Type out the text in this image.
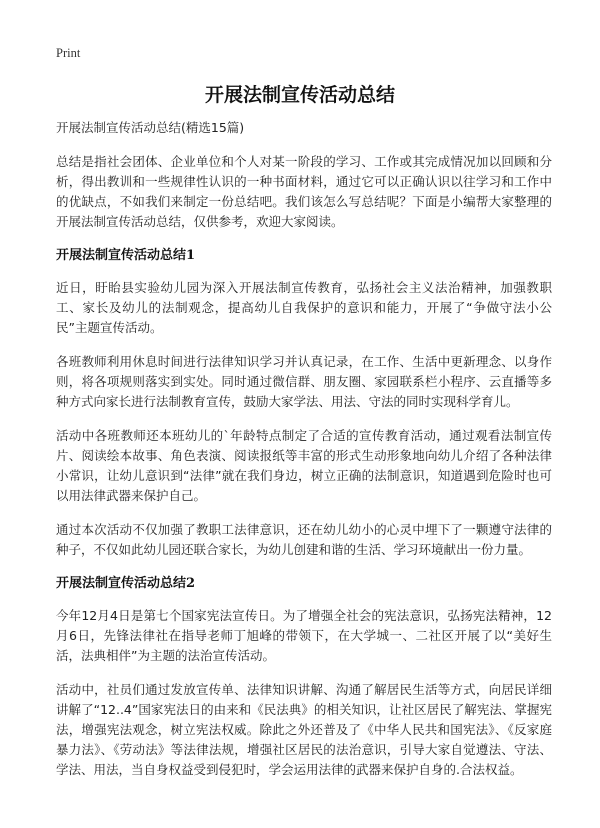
Print
开展法制宣传活动总结

开展法制宣传活动总结(精选15篇)

总结是指社会团体、企业单位和个人对某一阶段的学习、工作或其完成情况加以回顾和分析，得出教训和一些规律性认识的一种书面材料，通过它可以正确认识以往学习和工作中的优缺点，不如我们来制定一份总结吧。我们该怎么写总结呢？下面是小编帮大家整理的开展法制宣传活动总结，仅供参考，欢迎大家阅读。

开展法制宣传活动总结1

近日，盱眙县实验幼儿园为深入开展法制宣传教育，弘扬社会主义法治精神，加强教职工、家长及幼儿的法制观念，提高幼儿自我保护的意识和能力，开展了“争做守法小公民”主题宣传活动。

各班教师利用休息时间进行法律知识学习并认真记录，在工作、生活中更新理念、以身作则，将各项规则落实到实处。同时通过微信群、朋友圈、家园联系栏小程序、云直播等多种方式向家长进行法制教育宣传，鼓励大家学法、用法、守法的同时实现科学育儿。

活动中各班教师还本班幼儿的`年龄特点制定了合适的宣传教育活动，通过观看法制宣传片、阅读绘本故事、角色表演、阅读报纸等丰富的形式生动形象地向幼儿介绍了各种法律小常识，让幼儿意识到“法律”就在我们身边，树立正确的法制意识，知道遇到危险时也可以用法律武器来保护自己。

通过本次活动不仅加强了教职工法律意识，还在幼儿幼小的心灵中埋下了一颗遵守法律的种子，不仅如此幼儿园还联合家长，为幼儿创建和谐的生活、学习环境献出一份力量。

开展法制宣传活动总结2

今年12月4日是第七个国家宪法宣传日。为了增强全社会的宪法意识，弘扬宪法精神，12月6日，先锋法律社在指导老师丁旭峰的带领下，在大学城一、二社区开展了以“美好生活，法典相伴”为主题的法治宣传活动。

活动中，社员们通过发放宣传单、法律知识讲解、沟通了解居民生活等方式，向居民详细讲解了“12..4”国家宪法日的由来和《民法典》的相关知识，让社区居民了解宪法、掌握宪法，增强宪法观念，树立宪法权威。除此之外还普及了《中华人民共和国宪法》、《反家庭暴力法》、《劳动法》等法律法规，增强社区居民的法治意识，引导大家自觉遵法、守法、学法、用法，当自身权益受到侵犯时，学会运用法律的武器来保护自身的.合法权益。
